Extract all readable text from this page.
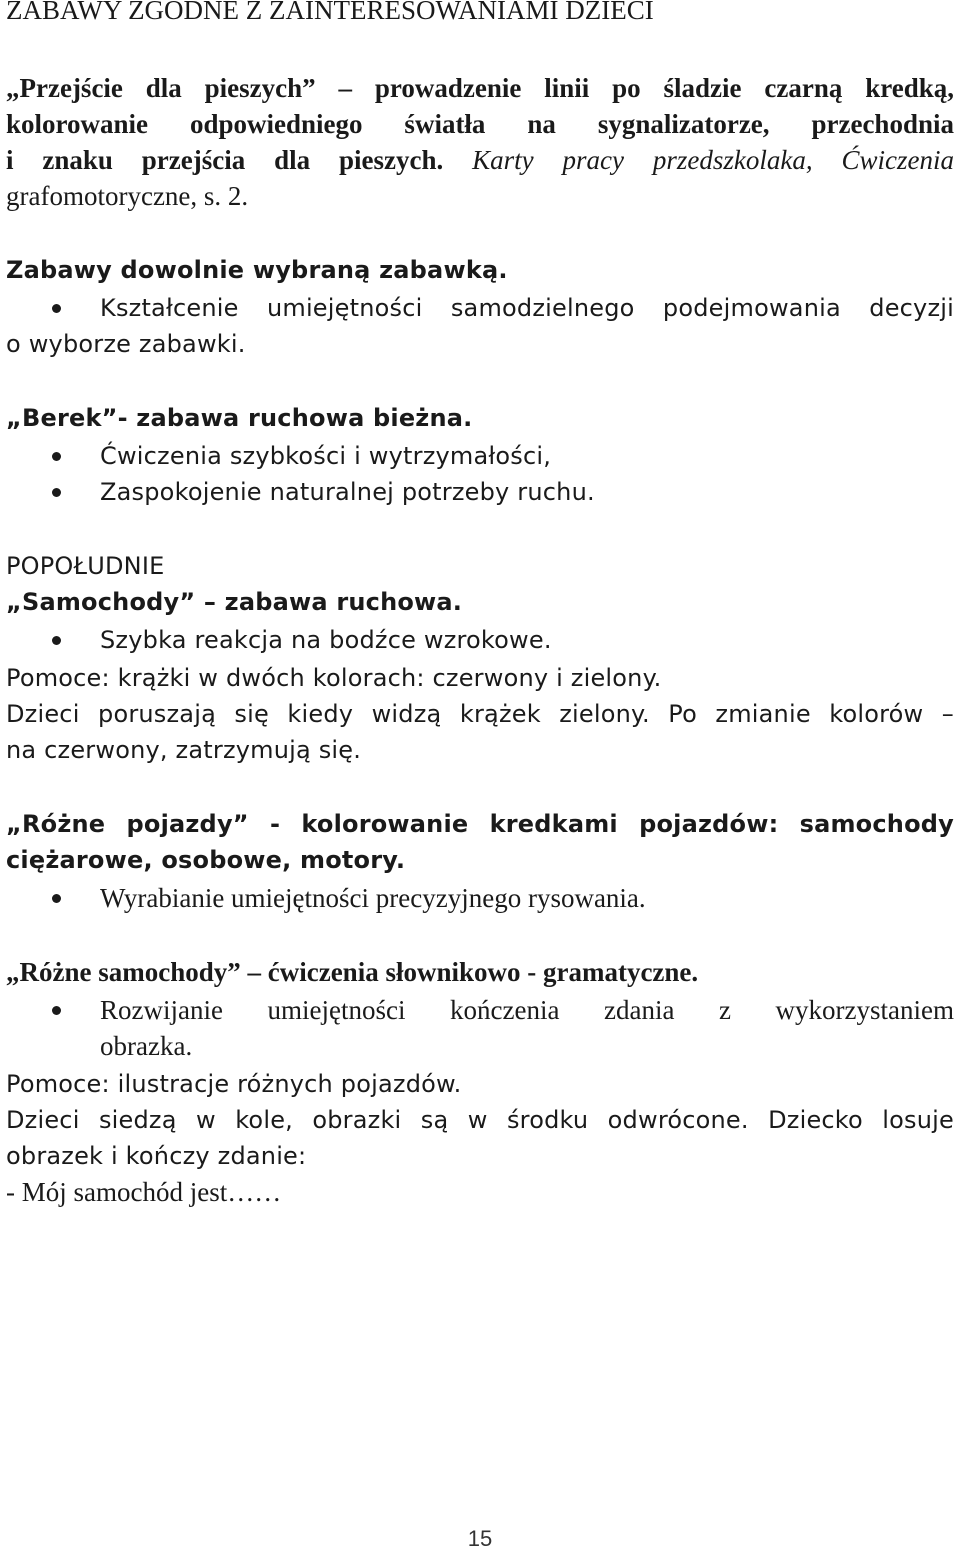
ZABAWY ZGODNE Z ZAINTERESOWANIAMI DZIECI
„Przejście dla pieszych” – prowadzenie linii po śladzie czarną kredką,
kolorowanie odpowiedniego światła na sygnalizatorze, przechodnia
i znaku przejścia dla pieszych. Karty pracy przedszkolaka, Ćwiczenia
grafomotoryczne, s. 2.
Zabawy dowolnie wybraną zabawką.
Kształcenie umiejętności samodzielnego podejmowania decyzji
o wyborze zabawki.
„Berek”- zabawa ruchowa bieżna.
Ćwiczenia szybkości i wytrzymałości,
Zaspokojenie naturalnej potrzeby ruchu.
POPOŁUDNIE
„Samochody” – zabawa ruchowa.
Szybka reakcja na bodźce wzrokowe.
Pomoce: krążki w dwóch kolorach: czerwony i zielony.
Dzieci poruszają się kiedy widzą krążek zielony. Po zmianie kolorów –
na czerwony, zatrzymują się.
„Różne pojazdy” - kolorowanie kredkami pojazdów: samochody
ciężarowe, osobowe, motory.
Wyrabianie umiejętności precyzyjnego rysowania.
„Różne samochody” – ćwiczenia słownikowo - gramatyczne.
Rozwijanie umiejętności kończenia zdania z wykorzystaniem
obrazka.
Pomoce: ilustracje różnych pojazdów.
Dzieci siedzą w kole, obrazki są w środku odwrócone. Dziecko losuje
obrazek i kończy zdanie:
- Mój samochód jest……
15
